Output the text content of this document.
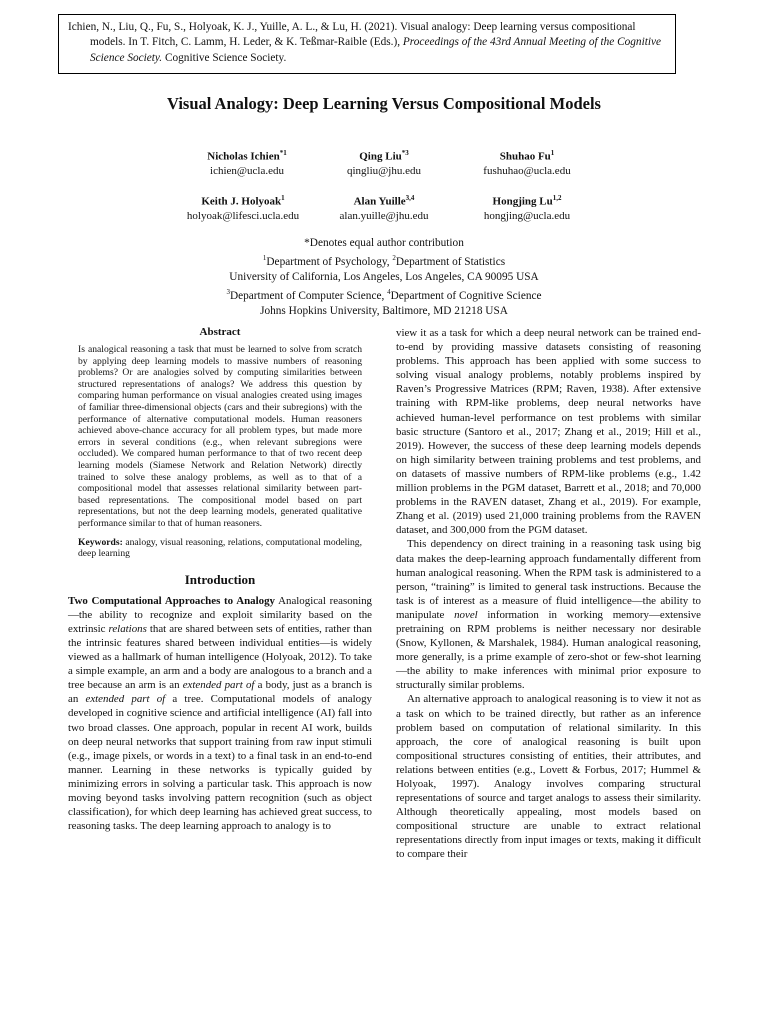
Ichien, N., Liu, Q., Fu, S., Holyoak, K. J., Yuille, A. L., & Lu, H. (2021). Visual analogy: Deep learning versus compositional models. In T. Fitch, C. Lamm, H. Leder, & K. Teßmar-Raible (Eds.), Proceedings of the 43rd Annual Meeting of the Cognitive Science Society. Cognitive Science Society.

Visual Analogy: Deep Learning Versus Compositional Models
Nicholas Ichien$^{*1}$
ichien@ucla.edu
Qing Liu$^{*3}$
qingliu@jhu.edu
Shuhao Fu$^1$
fushuhao@ucla.edu
Keith J. Holyoak$^1$
holyoak@lifesci.ucla.edu
Alan Yuille$^{3,4}$
alan.yuille@jhu.edu
Hongjing Lu$^{1,2}$
hongjing@ucla.edu
*Denotes equal author contribution
$^1$Department of Psychology, $^2$Department of Statistics
University of California, Los Angeles, Los Angeles, CA 90095 USA
$^3$Department of Computer Science, $^4$Department of Cognitive Science
Johns Hopkins University, Baltimore, MD 21218 USA
Abstract

Is analogical reasoning a task that must be learned to solve from scratch by applying deep learning models to massive numbers of reasoning problems? Or are analogies solved by computing similarities between structured representations of analogs? We address this question by comparing human performance on visual analogies created using images of familiar three-dimensional objects (cars and their subregions) with the performance of alternative computational models. Human reasoners achieved above-chance accuracy for all problem types, but made more errors in several conditions (e.g., when relevant subregions were occluded). We compared human performance to that of two recent deep learning models (Siamese Network and Relation Network) directly trained to solve these analogy problems, as well as to that of a compositional model that assesses relational similarity between part-based representations. The compositional model based on part representations, but not the deep learning models, generated qualitative performance similar to that of human reasoners.

Keywords: analogy, visual reasoning, relations, computational modeling, deep learning

Introduction

Two Computational Approaches to Analogy Analogical reasoning—the ability to recognize and exploit similarity based on the extrinsic relations that are shared between sets of entities, rather than the intrinsic features shared between individual entities—is widely viewed as a hallmark of human intelligence (Holyoak, 2012). To take a simple example, an arm and a body are analogous to a branch and a tree because an arm is an extended part of a body, just as a branch is an extended part of a tree. Computational models of analogy developed in cognitive science and artificial intelligence (AI) fall into two broad classes. One approach, popular in recent AI work, builds on deep neural networks that support training from raw input stimuli (e.g., image pixels, or words in a text) to a final task in an end-to-end manner. Learning in these networks is typically guided by minimizing errors in solving a particular task. This approach is now moving beyond tasks involving pattern recognition (such as object classification), for which deep learning has achieved great success, to reasoning tasks. The deep learning approach to analogy is to

view it as a task for which a deep neural network can be trained end-to-end by providing massive datasets consisting of reasoning problems. This approach has been applied with some success to solving visual analogy problems, notably problems inspired by Raven’s Progressive Matrices (RPM; Raven, 1938). After extensive training with RPM-like problems, deep neural networks have achieved human-level performance on test problems with similar basic structure (Santoro et al., 2017; Zhang et al., 2019; Hill et al., 2019). However, the success of these deep learning models depends on high similarity between training problems and test problems, and on datasets of massive numbers of RPM-like problems (e.g., 1.42 million problems in the PGM dataset, Barrett et al., 2018; and 70,000 problems in the RAVEN dataset, Zhang et al., 2019). For example, Zhang et al. (2019) used 21,000 training problems from the RAVEN dataset, and 300,000 from the PGM dataset.

This dependency on direct training in a reasoning task using big data makes the deep-learning approach fundamentally different from human analogical reasoning. When the RPM task is administered to a person, “training” is limited to general task instructions. Because the task is of interest as a measure of fluid intelligence—the ability to manipulate novel information in working memory—extensive pretraining on RPM problems is neither necessary nor desirable (Snow, Kyllonen, & Marshalek, 1984). Human analogical reasoning, more generally, is a prime example of zero-shot or few-shot learning—the ability to make inferences with minimal prior exposure to structurally similar problems.

An alternative approach to analogical reasoning is to view it not as a task on which to be trained directly, but rather as an inference problem based on computation of relational similarity. In this approach, the core of analogical reasoning is built upon compositional structures consisting of entities, their attributes, and relations between entities (e.g., Lovett & Forbus, 2017; Hummel & Holyoak, 1997). Analogy involves comparing structural representations of source and target analogs to assess their similarity. Although theoretically appealing, most models based on compositional structure are unable to extract relational representations directly from input images or texts, making it difficult to compare their
